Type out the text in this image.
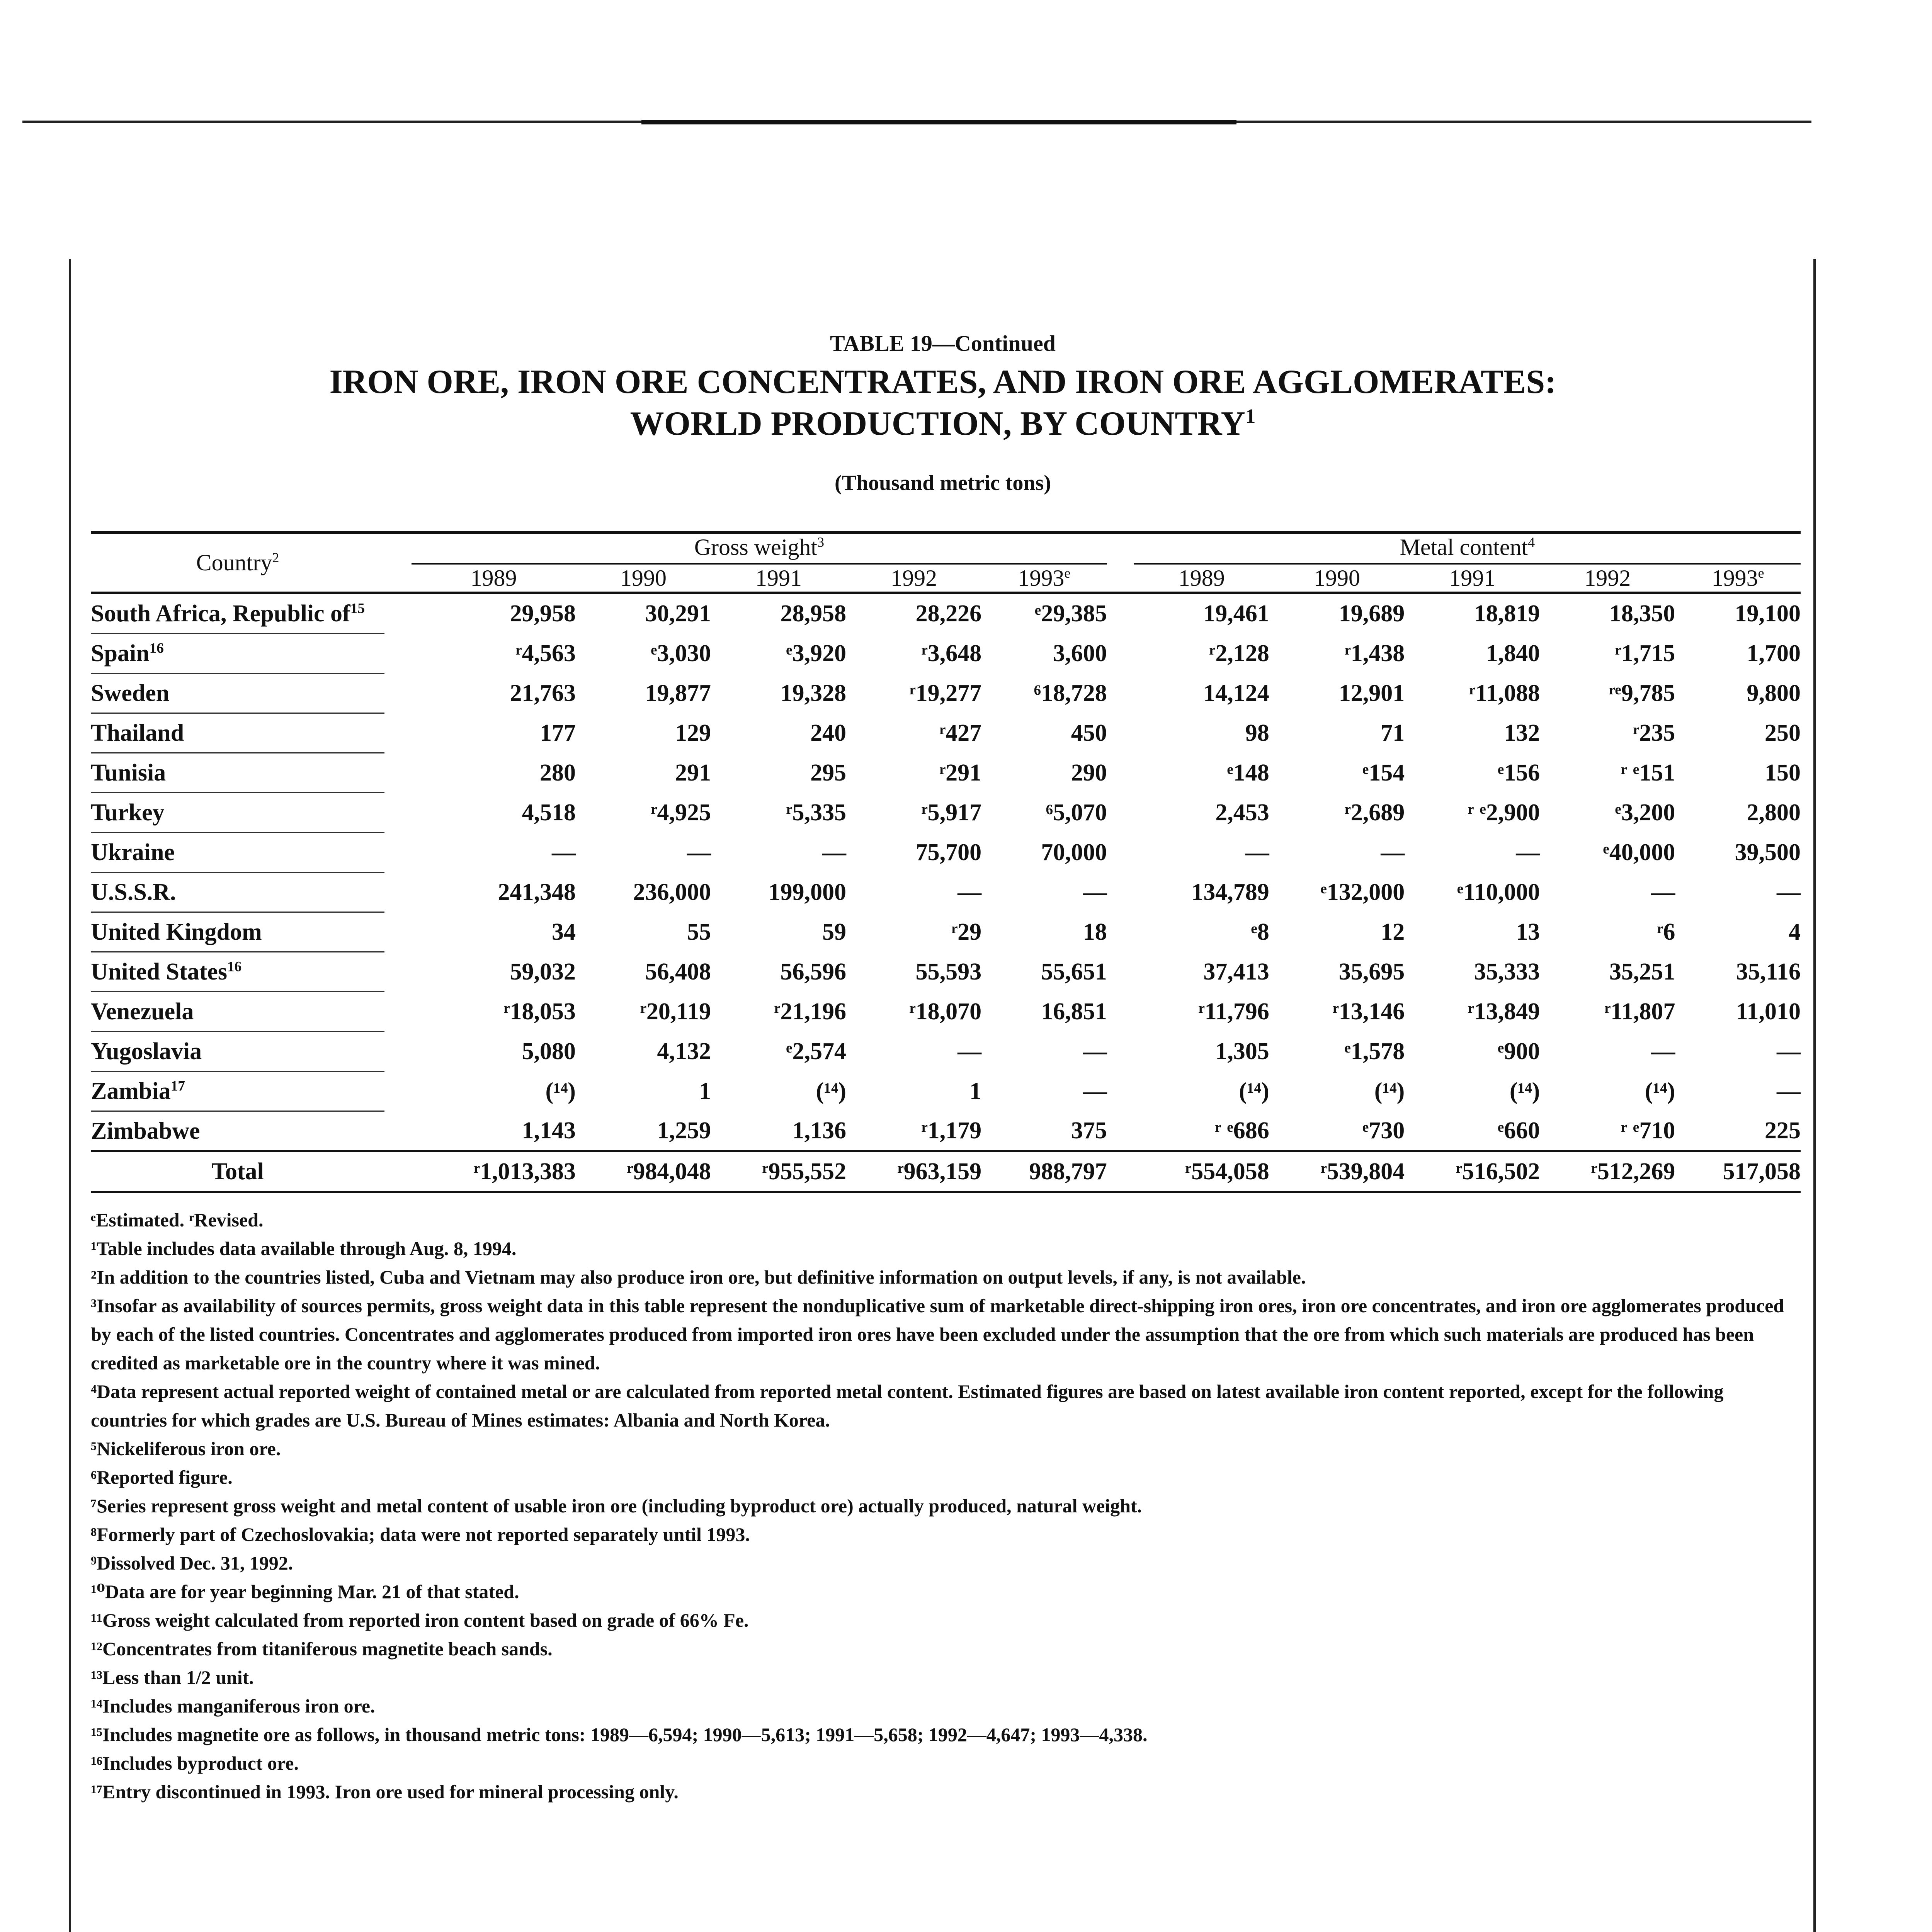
TABLE 19—Continued
IRON ORE, IRON ORE CONCENTRATES, AND IRON ORE AGGLOMERATES:
WORLD PRODUCTION, BY COUNTRY$^1$
(Thousand metric tons)
Country$^2$		Gross weight$^3$						Metal content$^4$
		1989	1990	1991	1992	1993e		1989	1990	1991	1992	1993e
South Africa, Republic $of^{15}$		29,958	30,291	28,958	28,226	ᵉ29,385		19,461	19,689	18,819	18,350	19,100
Spain$^{16}$		ʳ4,563	ᵉ3,030	ᵉ3,920	ʳ3,648	3,600		ʳ2,128	ʳ1,438	1,840	ʳ1,715	1,700
Sweden		21,763	19,877	19,328	ʳ19,277	⁶18,728		14,124	12,901	ʳ11,088	ʳᵉ9,785	9,800
Thailand		177	129	240	ʳ427	450		98	71	132	ʳ235	250
Tunisia		280	291	295	ʳ291	290		ᵉ148	ᵉ154	ᵉ156	ʳ ᵉ151	150
Turkey		4,518	ʳ4,925	ʳ5,335	ʳ5,917	⁶5,070		2,453	ʳ2,689	ʳ ᵉ2,900	ᵉ3,200	2,800
Ukraine		—	—	—	75,700	70,000		—	—	—	ᵉ40,000	39,500
U.S.S.R.		241,348	236,000	199,000	—	—		134,789	ᵉ132,000	ᵉ110,000	—	—
United Kingdom		34	55	59	ʳ29	18		ᵉ8	12	13	ʳ6	4
United States$^{16}$		59,032	56,408	56,596	55,593	55,651		37,413	35,695	35,333	35,251	35,116
Venezuela		ʳ18,053	ʳ20,119	ʳ21,196	ʳ18,070	16,851		ʳ11,796	ʳ13,146	ʳ13,849	ʳ11,807	11,010
Yugoslavia		5,080	4,132	ᵉ2,574	—	—		1,305	ᵉ1,578	ᵉ900	—	—
Zambia$^{17}$		(¹⁴)	1	(¹⁴)	1	—		(¹⁴)	(¹⁴)	(¹⁴)	(¹⁴)	—
Zimbabwe		1,143	1,259	1,136	ʳ1,179	375		ʳ ᵉ686	ᵉ730	ᵉ660	ʳ ᵉ710	225
Total		ʳ1,013,383	ʳ984,048	ʳ955,552	ʳ963,159	988,797		ʳ554,058	ʳ539,804	ʳ516,502	ʳ512,269	517,058

ᵉEstimated. ʳRevised.

¹Table includes data available through Aug. 8, 1994.

²In addition to the countries listed, Cuba and Vietnam may also produce iron ore, but definitive information on output levels, if any, is not available.

³Insofar as availability of sources permits, gross weight data in this table represent the nonduplicative sum of marketable direct-shipping iron ores, iron ore concentrates, and iron ore agglomerates produced by each of the listed countries. Concentrates and agglomerates produced from imported iron ores have been excluded under the assumption that the ore from which such materials are produced has been credited as marketable ore in the country where it was mined.

⁴Data represent actual reported weight of contained metal or are calculated from reported metal content. Estimated figures are based on latest available iron content reported, except for the following countries for which grades are U.S. Bureau of Mines estimates: Albania and North Korea.

⁵Nickeliferous iron ore.

⁶Reported figure.

⁷Series represent gross weight and metal content of usable iron ore (including byproduct ore) actually produced, natural weight.

⁸Formerly part of Czechoslovakia; data were not reported separately until 1993.

⁹Dissolved Dec. 31, 1992.

¹⁰Data are for year beginning Mar. 21 of that stated.

¹¹Gross weight calculated from reported iron content based on grade of 66% Fe.

¹²Concentrates from titaniferous magnetite beach sands.

¹³Less than 1/2 unit.

¹⁴Includes manganiferous iron ore.

¹⁵Includes magnetite ore as follows, in thousand metric tons: 1989—6,594; 1990—5,613; 1991—5,658; 1992—4,647; 1993—4,338.

¹⁶Includes byproduct ore.

¹⁷Entry discontinued in 1993. Iron ore used for mineral processing only.
